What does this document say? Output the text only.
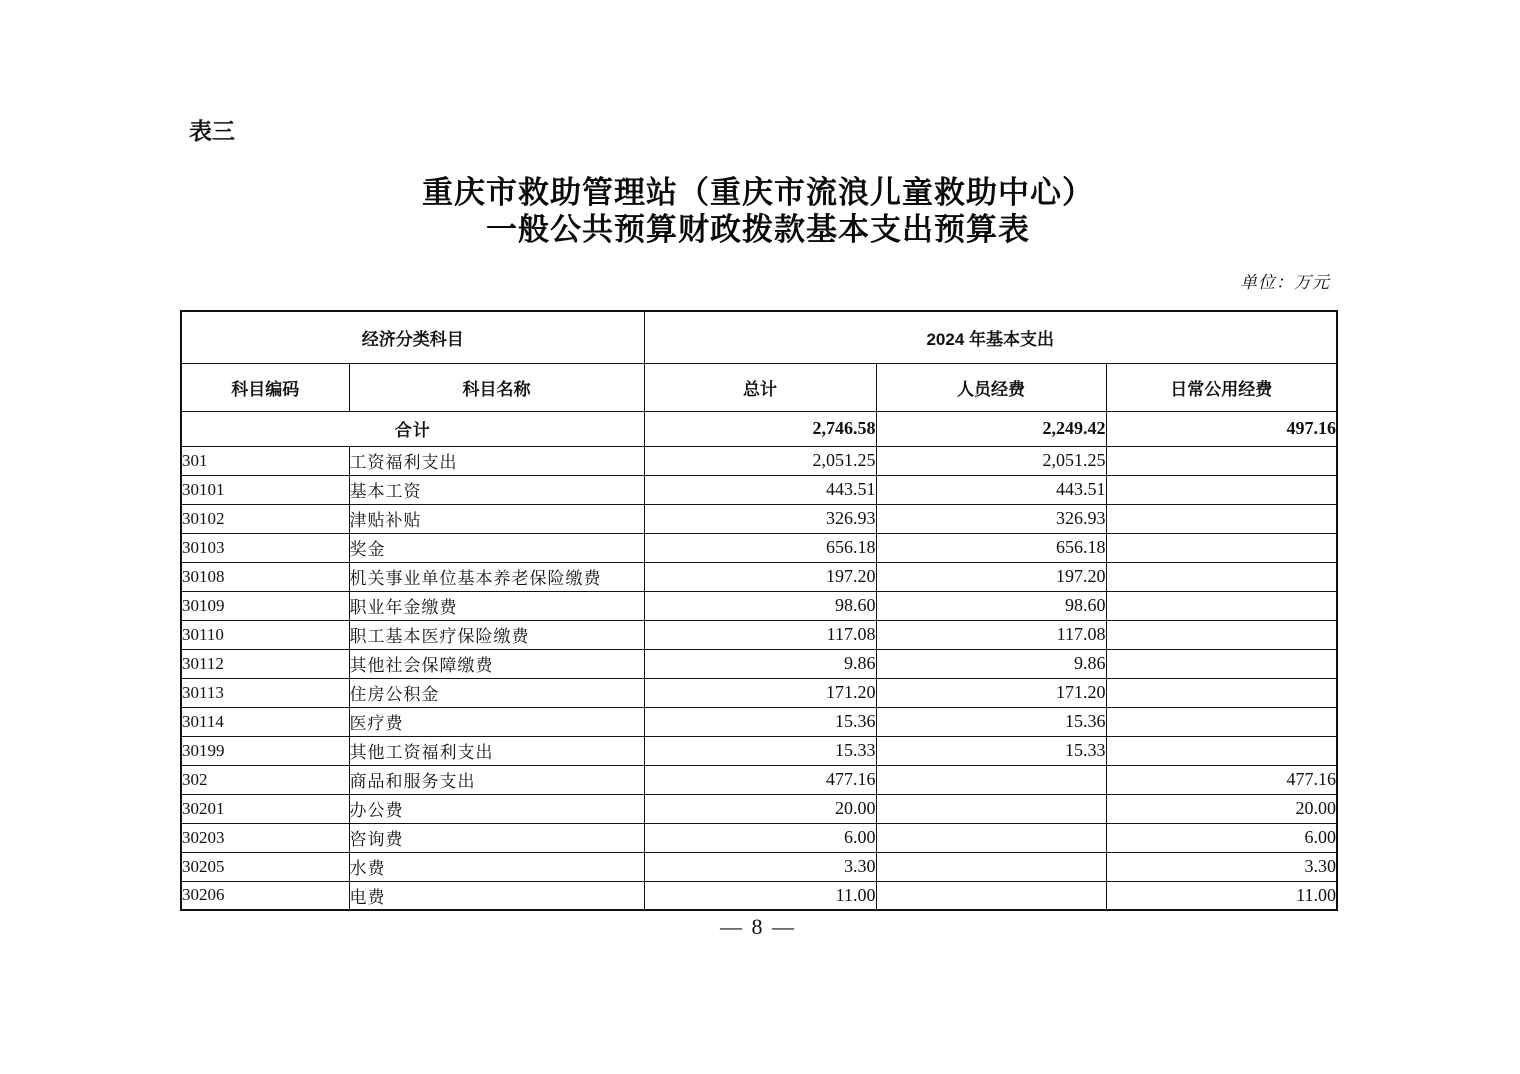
表三
重庆市救助管理站（重庆市流浪儿童救助中心）
一般公共预算财政拨款基本支出预算表
单位：万元
经济分类科目		2024 年基本支出		
科目编码	科目名称	总计	人员经费	日常公用经费
合计		2,746.58	2,249.42	497.16
301	工资福利支出	2,051.25	2,051.25	
30101	基本工资	443.51	443.51	
30102	津贴补贴	326.93	326.93	
30103	奖金	656.18	656.18	
30108	机关事业单位基本养老保险缴费	197.20	197.20	
30109	职业年金缴费	98.60	98.60	
30110	职工基本医疗保险缴费	117.08	117.08	
30112	其他社会保障缴费	9.86	9.86	
30113	住房公积金	171.20	171.20	
30114	医疗费	15.36	15.36	
30199	其他工资福利支出	15.33	15.33	
302	商品和服务支出	477.16		477.16
30201	办公费	20.00		20.00
30203	咨询费	6.00		6.00
30205	水费	3.30		3.30
30206	电费	11.00		11.00
— 8 —
